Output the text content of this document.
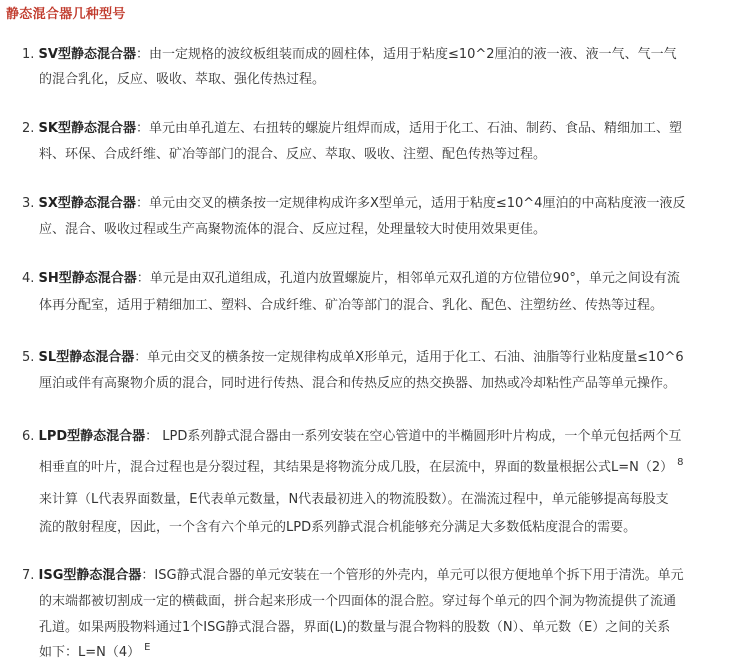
静态混合器几种型号
1. SV型静态混合器：由一定规格的波纹板组装而成的圆柱体，适用于粘度≤10^2厘泊的液一液、液一气、气一气
的混合乳化，反应、吸收、萃取、强化传热过程。
2. SK型静态混合器：单元由单孔道左、右扭转的螺旋片组焊而成，适用于化工、石油、制药、食品、精细加工、塑
料、环保、合成纤维、矿冶等部门的混合、反应、萃取、吸收、注塑、配色传热等过程。
3. SX型静态混合器：单元由交叉的横条按一定规律构成许多X型单元，适用于粘度≤10^4厘泊的中高粘度液一液反
应、混合、吸收过程或生产高聚物流体的混合、反应过程，处理量较大时使用效果更佳。
4. SH型静态混合器：单元是由双孔道组成，孔道内放置螺旋片，相邻单元双孔道的方位错位90°，单元之间设有流
体再分配室，适用于精细加工、塑料、合成纤维、矿冶等部门的混合、乳化、配色、注塑纺丝、传热等过程。
5. SL型静态混合器：单元由交叉的横条按一定规律构成单X形单元，适用于化工、石油、油脂等行业粘度量≤10^6
厘泊或伴有高聚物介质的混合，同时进行传热、混合和传热反应的热交换器、加热或冷却粘性产品等单元操作。
6. LPD型静态混合器： LPD系列静式混合器由一系列安装在空心管道中的半椭圆形叶片构成，一个单元包括两个互
相垂直的叶片，混合过程也是分裂过程，其结果是将物流分成几股，在层流中，界面的数量根据公式L=N（2） $^8$
来计算（L代表界面数量，E代表单元数量，N代表最初进入的物流股数）。在湍流过程中，单元能够提高每股支
流的散射程度，因此，一个含有六个单元的LPD系列静式混合机能够充分满足大多数低粘度混合的需要。
7. ISG型静态混合器：ISG静式混合器的单元安装在一个管形的外壳内，单元可以很方便地单个拆下用于清洗。单元
的末端都被切割成一定的横截面，拼合起来形成一个四面体的混合腔。穿过每个单元的四个洞为物流提供了流通
孔道。如果两股物料通过1个ISG静式混合器，界面(L)的数量与混合物料的股数（N）、单元数（E）之间的关系
如下：L=N（4） $^E$
